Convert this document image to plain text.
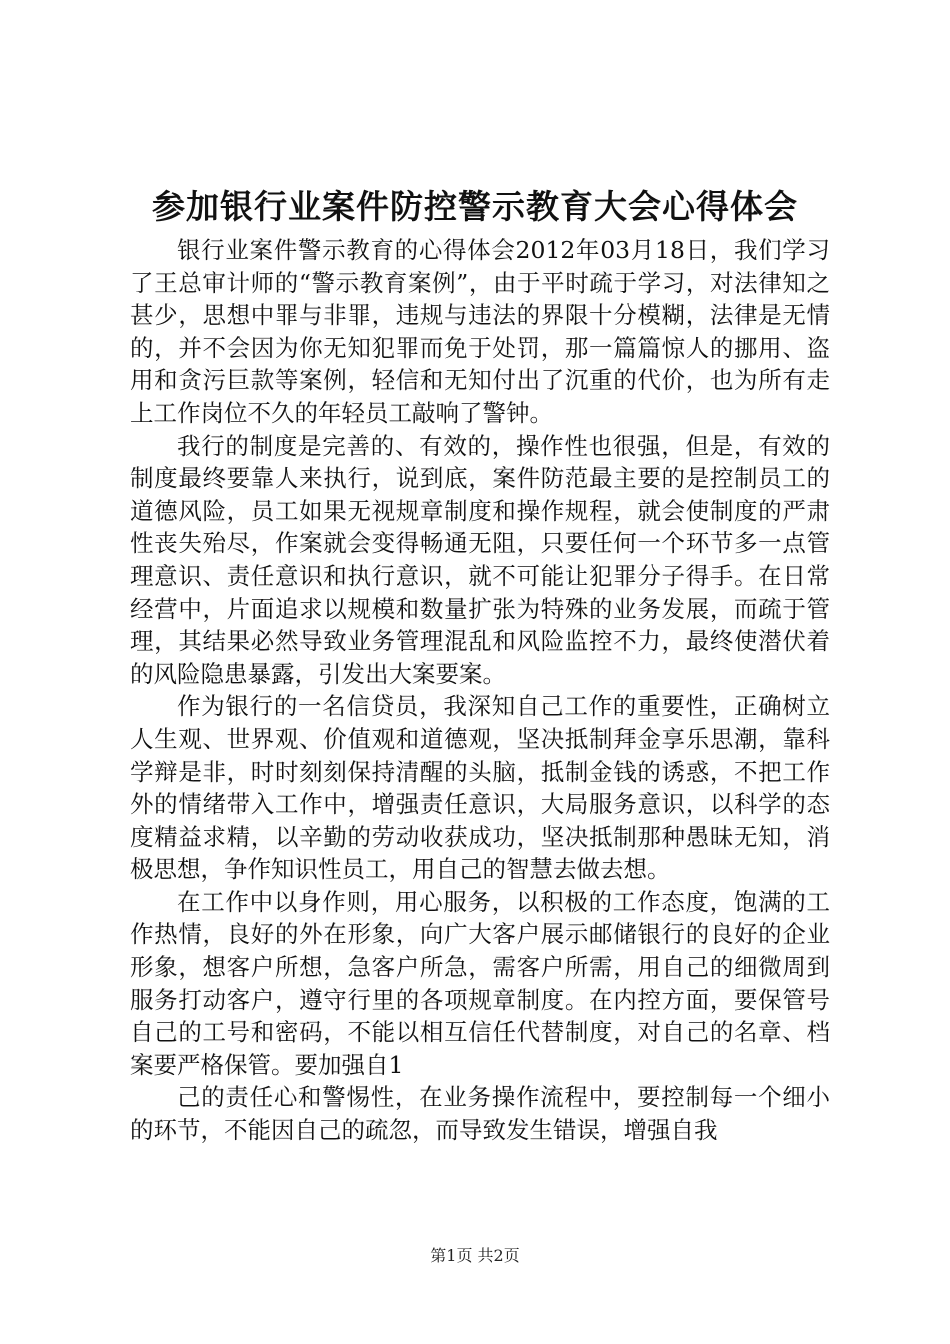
参加银行业案件防控警示教育大会心得体会

银行业案件警示教育的心得体会2012年03月18日，我们学习了王总审计师的“警示教育案例”，由于平时疏于学习，对法律知之甚少，思想中罪与非罪，违规与违法的界限十分模糊，法律是无情的，并不会因为你无知犯罪而免于处罚，那一篇篇惊人的挪用、盗用和贪污巨款等案例，轻信和无知付出了沉重的代价，也为所有走上工作岗位不久的年轻员工敲响了警钟。

我行的制度是完善的、有效的，操作性也很强，但是，有效的制度最终要靠人来执行，说到底，案件防范最主要的是控制员工的道德风险，员工如果无视规章制度和操作规程，就会使制度的严肃性丧失殆尽，作案就会变得畅通无阻，只要任何一个环节多一点管理意识、责任意识和执行意识，就不可能让犯罪分子得手。在日常经营中，片面追求以规模和数量扩张为特殊的业务发展，而疏于管理，其结果必然导致业务管理混乱和风险监控不力，最终使潜伏着的风险隐患暴露，引发出大案要案。

作为银行的一名信贷员，我深知自己工作的重要性，正确树立人生观、世界观、价值观和道德观，坚决抵制拜金享乐思潮，靠科学辩是非，时时刻刻保持清醒的头脑，抵制金钱的诱惑，不把工作外的情绪带入工作中，增强责任意识，大局服务意识，以科学的态度精益求精，以辛勤的劳动收获成功，坚决抵制那种愚昧无知，消极思想，争作知识性员工，用自己的智慧去做去想。

在工作中以身作则，用心服务，以积极的工作态度，饱满的工作热情，良好的外在形象，向广大客户展示邮储银行的良好的企业形象，想客户所想，急客户所急，需客户所需，用自己的细微周到服务打动客户，遵守行里的各项规章制度。在内控方面，要保管号自己的工号和密码，不能以相互信任代替制度，对自己的名章、档案要严格保管。要加强自1

己的责任心和警惕性，在业务操作流程中，要控制每一个细小的环节，不能因自己的疏忽，而导致发生错误，增强自我

第1页 共2页
